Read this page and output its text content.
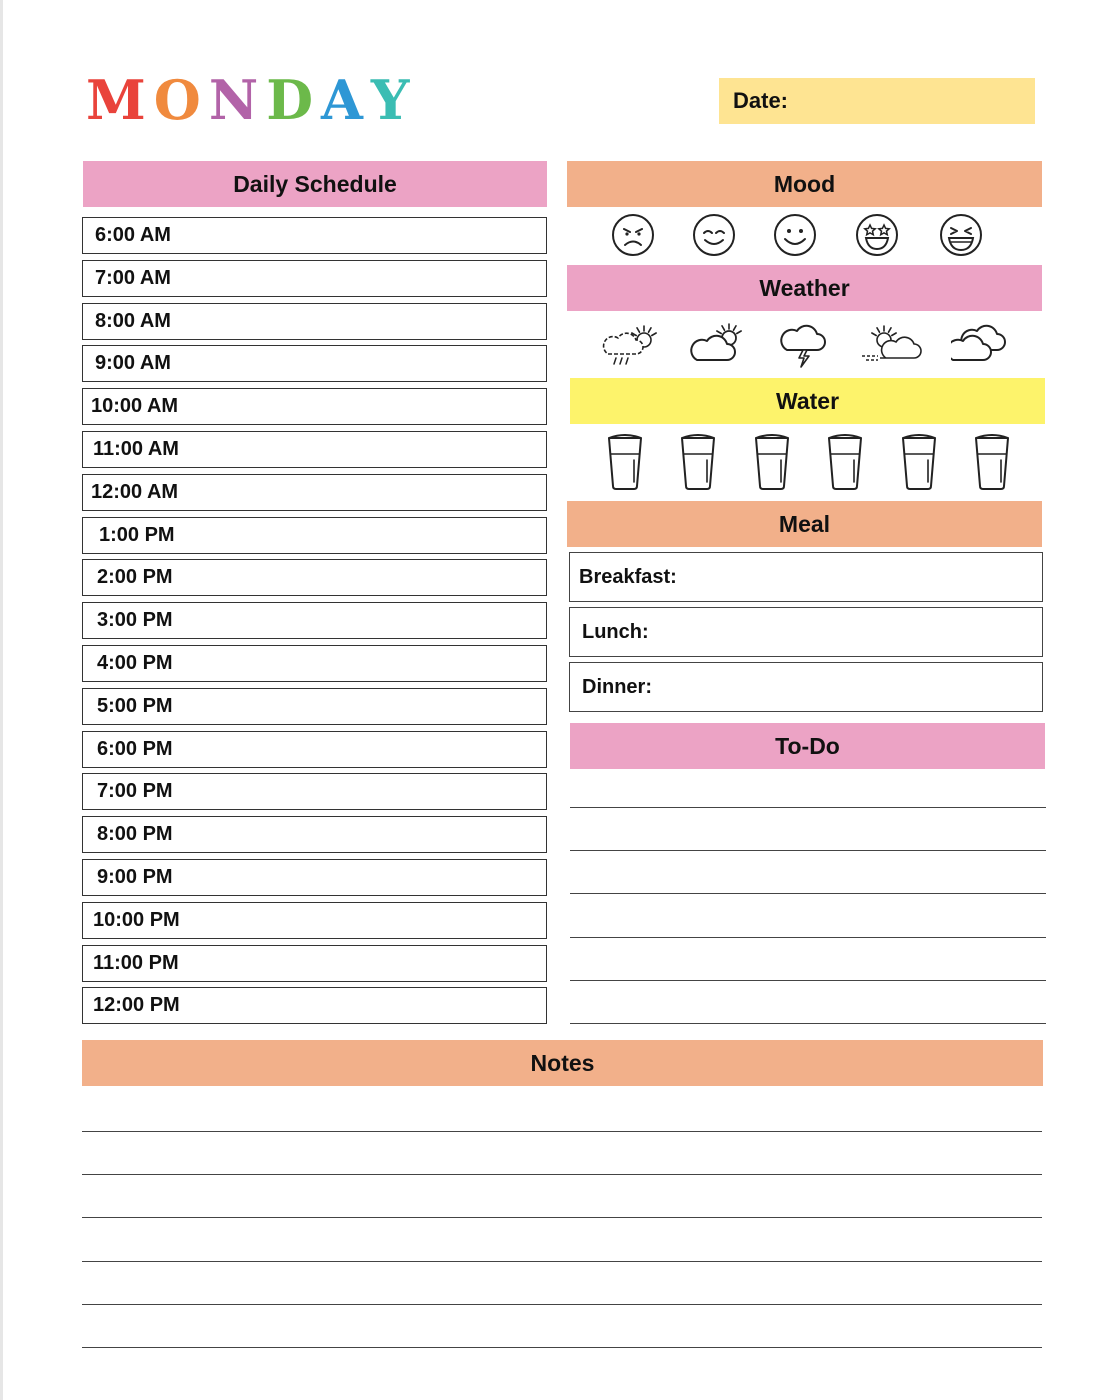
M O N D A Y	Date:
Daily Schedule
6:00 AM
7:00 AM
8:00 AM
9:00 AM
10:00 AM
11:00 AM
12:00 AM
1:00 PM
2:00 PM
3:00 PM
4:00 PM
5:00 PM
6:00 PM
7:00 PM
8:00 PM
9:00 PM
10:00 PM
11:00 PM
12:00 PM
Mood
Weather
Water
Meal
Breakfast:
Lunch:
Dinner:
To-Do
Notes
